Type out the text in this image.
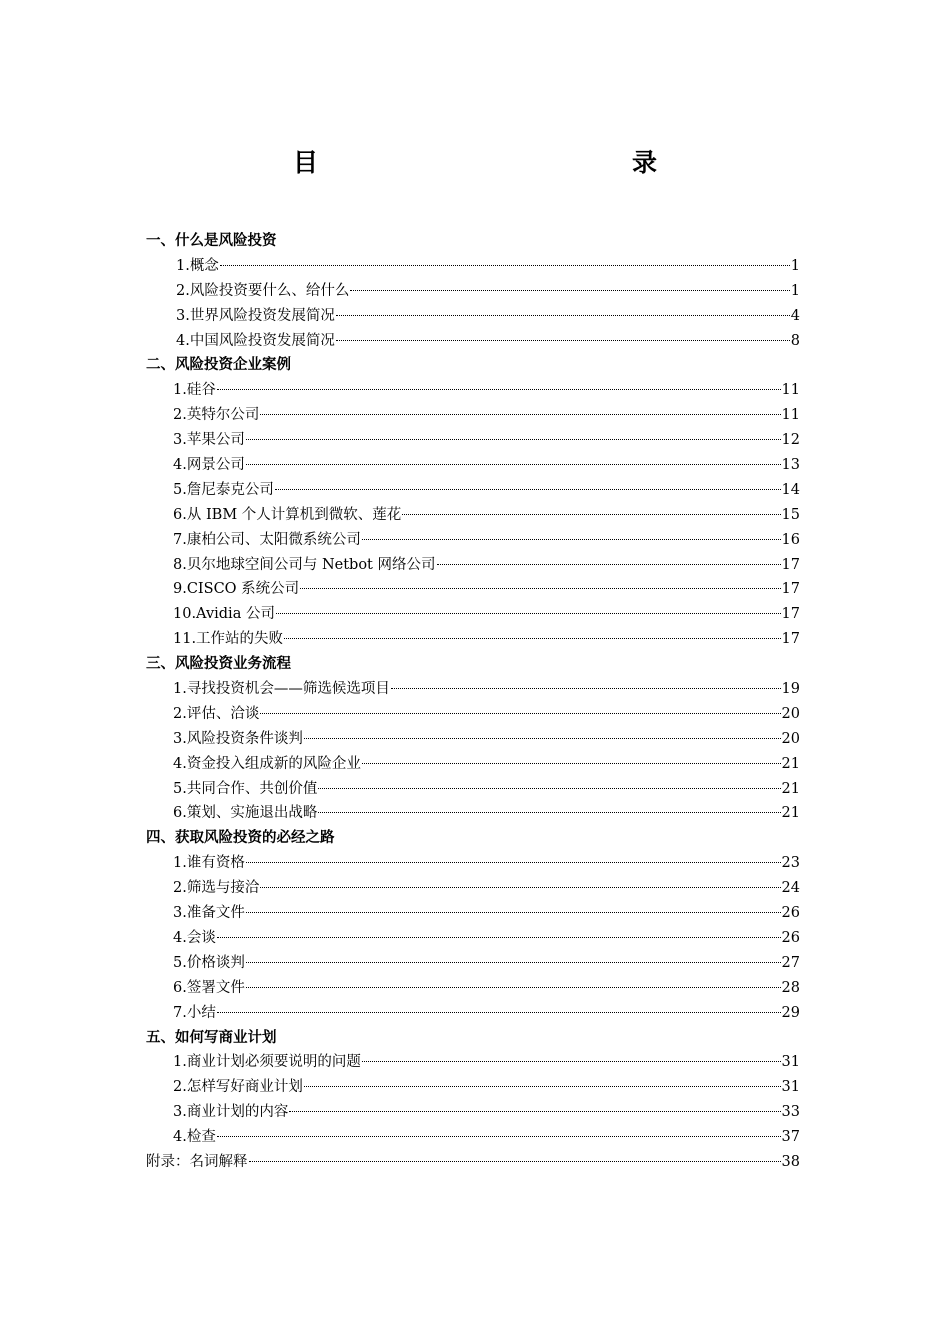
目　　录
一、什么是风险投资
1.概念	1
2.风险投资要什么、给什么	1
3.世界风险投资发展简况	4
4.中国风险投资发展简况	8
二、风险投资企业案例
1.硅谷	11
2.英特尔公司	11
3.苹果公司	12
4.网景公司	13
5.詹尼泰克公司	14
6.从 IBM 个人计算机到微软、莲花	15
7.康柏公司、太阳微系统公司	16
8.贝尔地球空间公司与 Netbot 网络公司	17
9.CISCO 系统公司	17
10.Avidia 公司	17
11.工作站的失败	17
三、风险投资业务流程
1.寻找投资机会——筛选候选项目	19
2.评估、洽谈	20
3.风险投资条件谈判	20
4.资金投入组成新的风险企业	21
5.共同合作、共创价值	21
6.策划、实施退出战略	21
四、获取风险投资的必经之路
1.谁有资格	23
2.筛选与接洽	24
3.准备文件	26
4.会谈	26
5.价格谈判	27
6.签署文件	28
7.小结	29
五、如何写商业计划
1.商业计划必须要说明的问题	31
2.怎样写好商业计划	31
3.商业计划的内容	33
4.检查	37
附录：名词解释	38
